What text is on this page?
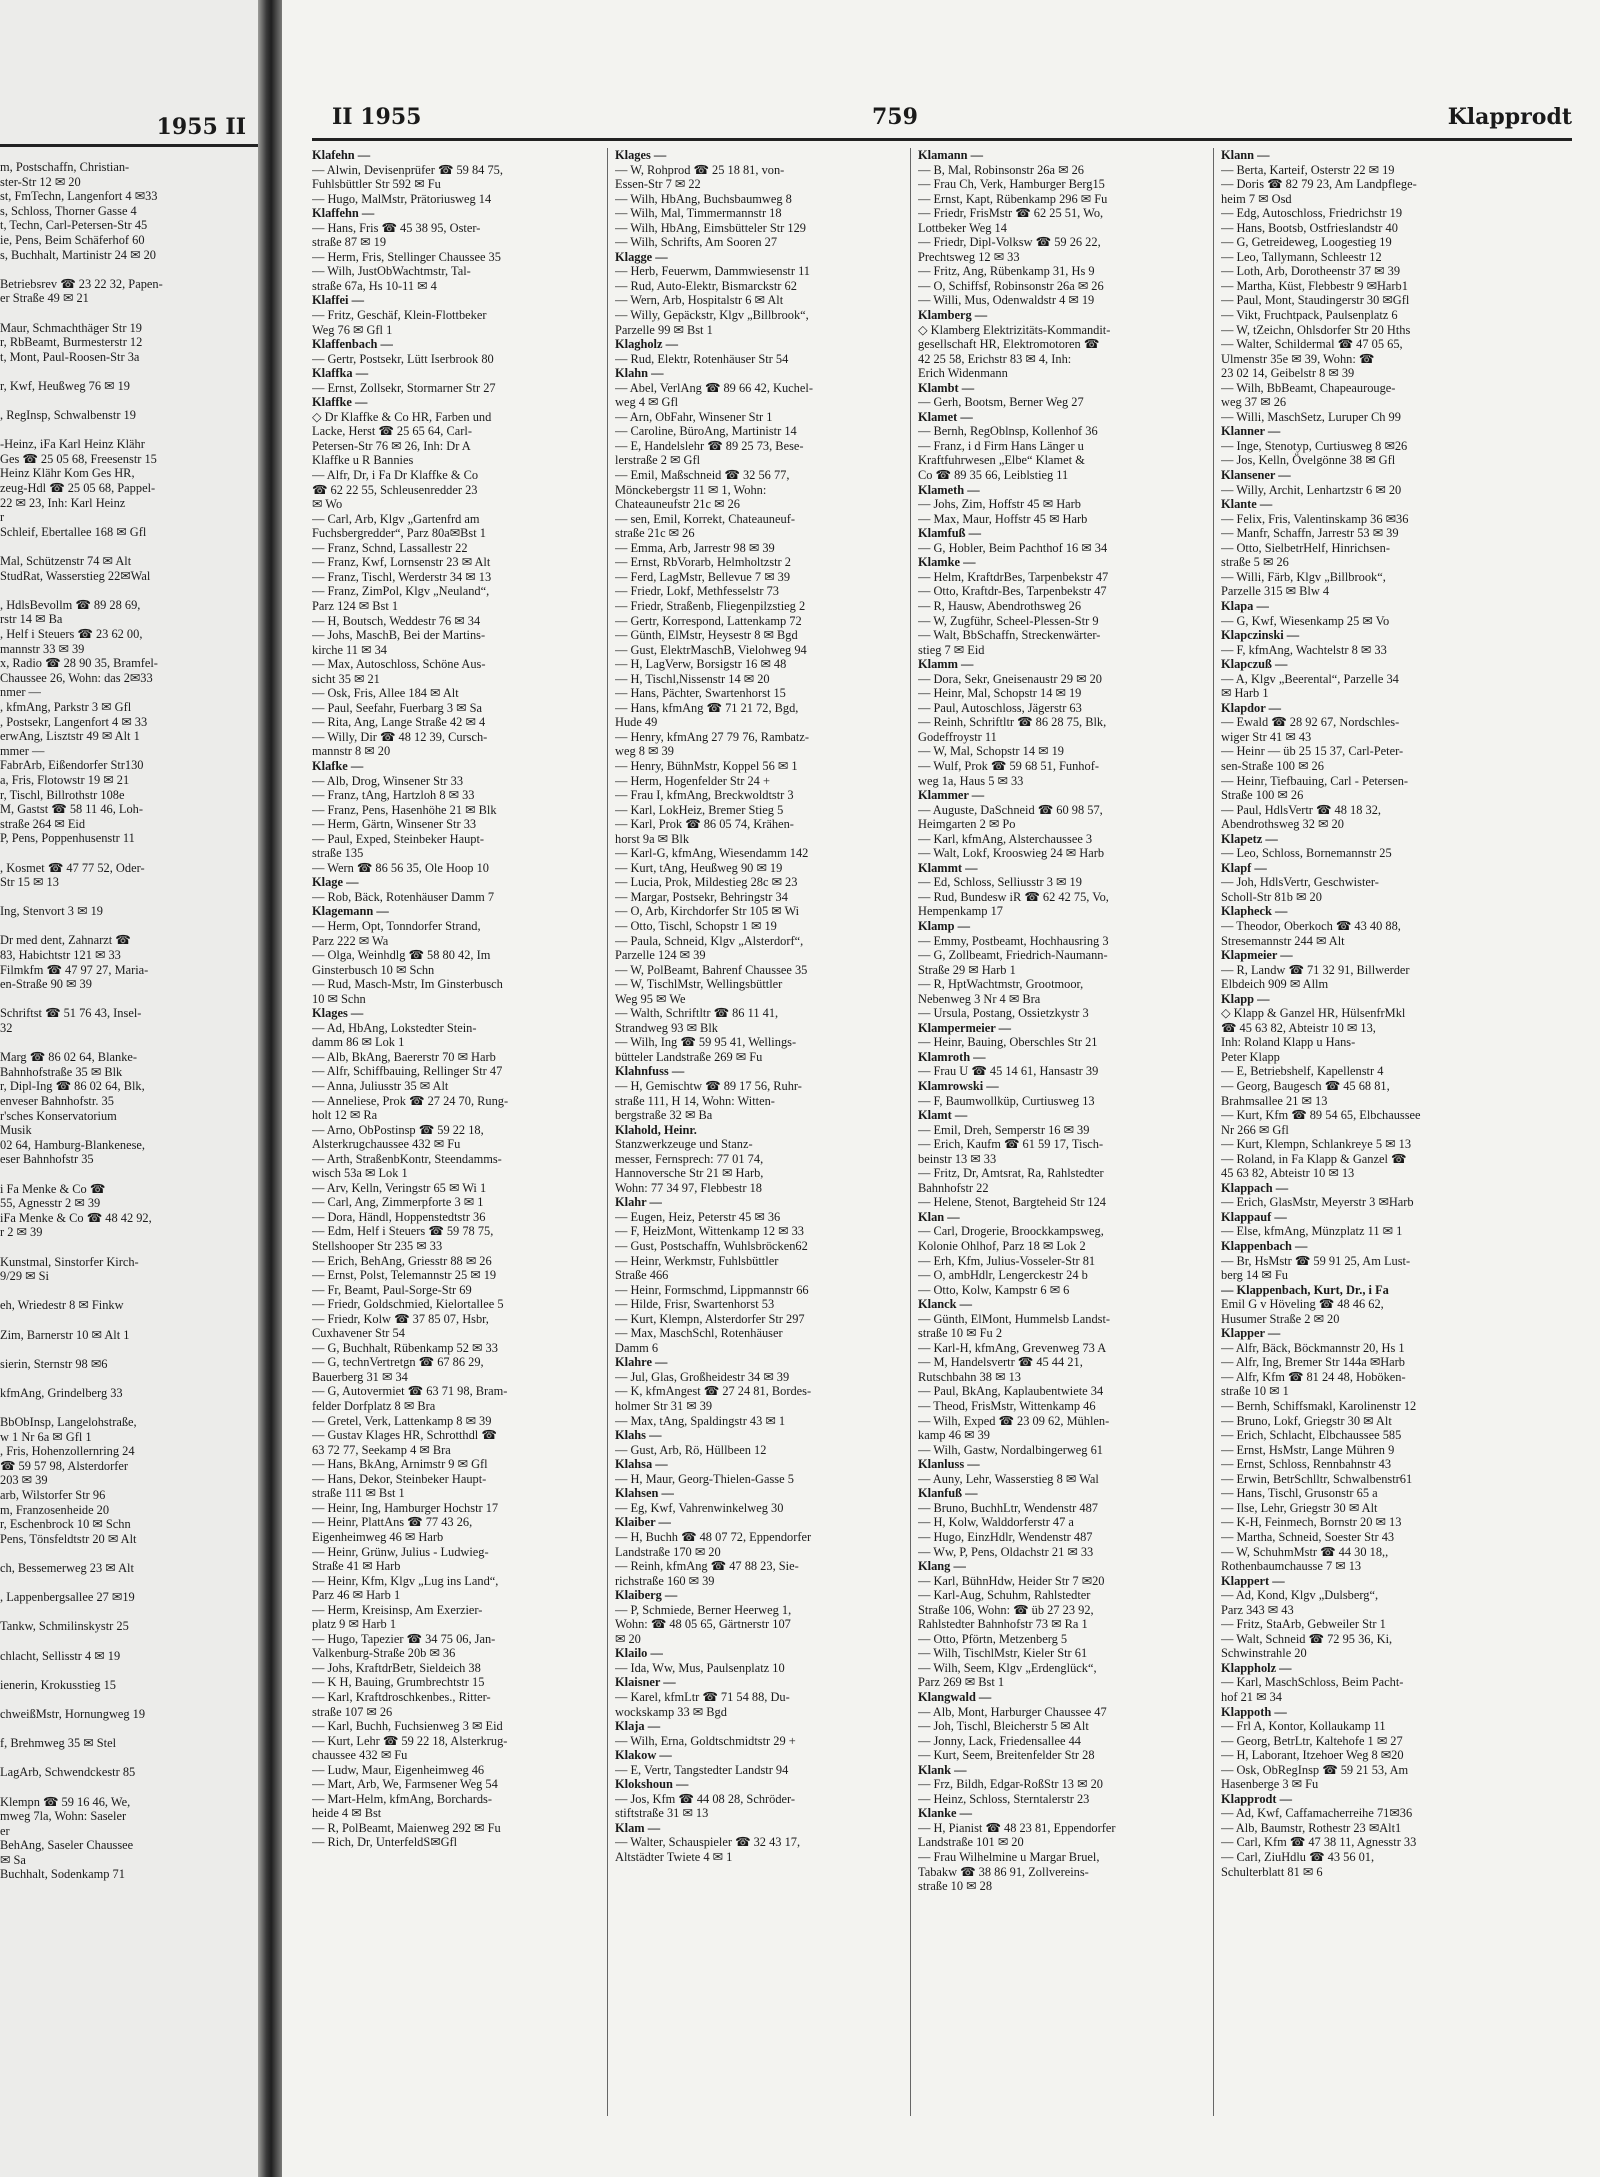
1955 II
m, Postschaffn, Christian-
ster-Str 12 ✉ 20
st, FmTechn, Langenfort 4 ✉33
s, Schloss, Thorner Gasse 4
t, Techn, Carl-Petersen-Str 45
ie, Pens, Beim Schäferhof 60
s, Buchhalt, Martinistr 24 ✉ 20

Betriebsrev ☎ 23 22 32, Papen-
er Straße 49 ✉ 21

Maur, Schmachthäger Str 19
r, RbBeamt, Burmesterstr 12
t, Mont, Paul-Roosen-Str 3a

r, Kwf, Heußweg 76 ✉ 19

, RegInsp, Schwalbenstr 19

-Heinz, iFa Karl Heinz Klähr
Ges ☎ 25 05 68, Freesenstr 15
Heinz Klähr Kom Ges HR,
zeug-Hdl ☎ 25 05 68, Pappel-
22 ✉ 23, Inh: Karl Heinz
r
Schleif, Ebertallee 168 ✉ Gfl

Mal, Schützenstr 74 ✉ Alt
StudRat, Wasserstieg 22✉Wal

, HdlsBevollm ☎ 89 28 69,
rstr 14 ✉ Ba
, Helf i Steuers ☎ 23 62 00,
mannstr 33 ✉ 39
x, Radio ☎ 28 90 35, Bramfel-
Chaussee 26, Wohn: das 2✉33
nmer —
, kfmAng, Parkstr 3 ✉ Gfl
, Postsekr, Langenfort 4 ✉ 33
erwAng, Lisztstr 49 ✉ Alt 1
mmer —
FabrArb, Eißendorfer Str130
a, Fris, Flotowstr 19 ✉ 21
r, Tischl, Billrothstr 108e
M, Gastst ☎ 58 11 46, Loh-
straße 264 ✉ Eid
P, Pens, Poppenhusenstr 11

, Kosmet ☎ 47 77 52, Oder-
Str 15 ✉ 13

Ing, Stenvort 3 ✉ 19

Dr med dent, Zahnarzt ☎
83, Habichtstr 121 ✉ 33
Filmkfm ☎ 47 97 27, Maria-
en-Straße 90 ✉ 39

Schriftst ☎ 51 76 43, Insel-
32

Marg ☎ 86 02 64, Blanke-
Bahnhofstraße 35 ✉ Blk
r, Dipl-Ing ☎ 86 02 64, Blk,
enveser Bahnhofstr. 35
r'sches Konservatorium
Musik
02 64, Hamburg-Blankenese,
eser Bahnhofstr 35

i Fa Menke & Co ☎
55, Agnesstr 2 ✉ 39
iFa Menke & Co ☎ 48 42 92,
r 2 ✉ 39

Kunstmal, Sinstorfer Kirch-
9/29 ✉ Si

eh, Wriedestr 8 ✉ Finkw

Zim, Barnerstr 10 ✉ Alt 1

sierin, Sternstr 98 ✉6

kfmAng, Grindelberg 33

BbObInsp, Langelohstraße,
w 1 Nr 6a ✉ Gfl 1
, Fris, Hohenzollernring 24
☎ 59 57 98, Alsterdorfer
203 ✉ 39
arb, Wilstorfer Str 96
m, Franzosenheide 20
r, Eschenbrock 10 ✉ Schn
Pens, Tönsfeldtstr 20 ✉ Alt

ch, Bessemerweg 23 ✉ Alt

, Lappenbergsallee 27 ✉19

Tankw, Schmilinskystr 25

chlacht, Sellisstr 4 ✉ 19

ienerin, Krokusstieg 15

chweißMstr, Hornungweg 19

f, Brehmweg 35 ✉ Stel

LagArb, Schwendckestr 85

Klempn ☎ 59 16 46, We,
mweg 7la, Wohn: Saseler
er
BehAng, Saseler Chaussee
✉ Sa
Buchhalt, Sodenkamp 71
II 1955	759	Klapprodt
Klafehn —
— Alwin, Devisenprüfer ☎ 59 84 75,
Fuhlsbüttler Str 592 ✉ Fu
— Hugo, MalMstr, Prätoriusweg 14
Klaffehn —
— Hans, Fris ☎ 45 38 95, Oster-
straße 87 ✉ 19
— Herm, Fris, Stellinger Chaussee 35
— Wilh, JustObWachtmstr, Tal-
straße 67a, Hs 10-11 ✉ 4
Klaffei —
— Fritz, Geschäf, Klein-Flottbeker
Weg 76 ✉ Gfl 1
Klaffenbach —
— Gertr, Postsekr, Lütt Iserbrook 80
Klaffka —
— Ernst, Zollsekr, Stormarner Str 27
Klaffke —
◇ Dr Klaffke & Co HR, Farben und
Lacke, Herst ☎ 25 65 64, Carl-
Petersen-Str 76 ✉ 26, Inh: Dr A
Klaffke u R Bannies
— Alfr, Dr, i Fa Dr Klaffke & Co
☎ 62 22 55, Schleusenredder 23
✉ Wo
— Carl, Arb, Klgv „Gartenfrd am
Fuchsbergredder“, Parz 80a✉Bst 1
— Franz, Schnd, Lassallestr 22
— Franz, Kwf, Lornsenstr 23 ✉ Alt
— Franz, Tischl, Werderstr 34 ✉ 13
— Franz, ZimPol, Klgv „Neuland“,
Parz 124 ✉ Bst 1
— H, Boutsch, Weddestr 76 ✉ 34
— Johs, MaschB, Bei der Martins-
kirche 11 ✉ 34
— Max, Autoschloss, Schöne Aus-
sicht 35 ✉ 21
— Osk, Fris, Allee 184 ✉ Alt
— Paul, Seefahr, Fuerbarg 3 ✉ Sa
— Rita, Ang, Lange Straße 42 ✉ 4
— Willy, Dir ☎ 48 12 39, Cursch-
mannstr 8 ✉ 20
Klafke —
— Alb, Drog, Winsener Str 33
— Franz, tAng, Hartzloh 8 ✉ 33
— Franz, Pens, Hasenhöhe 21 ✉ Blk
— Herm, Gärtn, Winsener Str 33
— Paul, Exped, Steinbeker Haupt-
straße 135
— Wern ☎ 86 56 35, Ole Hoop 10
Klage —
— Rob, Bäck, Rotenhäuser Damm 7
Klagemann —
— Herm, Opt, Tonndorfer Strand,
Parz 222 ✉ Wa
— Olga, Weinhdlg ☎ 58 80 42, Im
Ginsterbusch 10 ✉ Schn
— Rud, Masch-Mstr, Im Ginsterbusch
10 ✉ Schn
Klages —
— Ad, HbAng, Lokstedter Stein-
damm 86 ✉ Lok 1
— Alb, BkAng, Baererstr 70 ✉ Harb
— Alfr, Schiffbauing, Rellinger Str 47
— Anna, Juliusstr 35 ✉ Alt
— Anneliese, Prok ☎ 27 24 70, Rung-
holt 12 ✉ Ra
— Arno, ObPostinsp ☎ 59 22 18,
Alsterkrugchaussee 432 ✉ Fu
— Arth, StraßenbKontr, Steendamms-
wisch 53a ✉ Lok 1
— Arv, Kelln, Veringstr 65 ✉ Wi 1
— Carl, Ang, Zimmerpforte 3 ✉ 1
— Dora, Händl, Hoppenstedtstr 36
— Edm, Helf i Steuers ☎ 59 78 75,
Stellshooper Str 235 ✉ 33
— Erich, BehAng, Griesstr 88 ✉ 26
— Ernst, Polst, Telemannstr 25 ✉ 19
— Fr, Beamt, Paul-Sorge-Str 69
— Friedr, Goldschmied, Kielortallee 5
— Friedr, Kolw ☎ 37 85 07, Hsbr,
Cuxhavener Str 54
— G, Buchhalt, Rübenkamp 52 ✉ 33
— G, technVertretgn ☎ 67 86 29,
Bauerberg 31 ✉ 34
— G, Autovermiet ☎ 63 71 98, Bram-
felder Dorfplatz 8 ✉ Bra
— Gretel, Verk, Lattenkamp 8 ✉ 39
— Gustav Klages HR, Schrotthdl ☎
63 72 77, Seekamp 4 ✉ Bra
— Hans, BkAng, Arnimstr 9 ✉ Gfl
— Hans, Dekor, Steinbeker Haupt-
straße 111 ✉ Bst 1
— Heinr, Ing, Hamburger Hochstr 17
— Heinr, PlattAns ☎ 77 43 26,
Eigenheimweg 46 ✉ Harb
— Heinr, Grünw, Julius - Ludwieg-
Straße 41 ✉ Harb
— Heinr, Kfm, Klgv „Lug ins Land“,
Parz 46 ✉ Harb 1
— Herm, Kreisinsp, Am Exerzier-
platz 9 ✉ Harb 1
— Hugo, Tapezier ☎ 34 75 06, Jan-
Valkenburg-Straße 20b ✉ 36
— Johs, KraftdrBetr, Sieldeich 38
— K H, Bauing, Grumbrechtstr 15
— Karl, Kraftdroschkenbes., Ritter-
straße 107 ✉ 26
— Karl, Buchh, Fuchsienweg 3 ✉ Eid
— Kurt, Lehr ☎ 59 22 18, Alsterkrug-
chaussee 432 ✉ Fu
— Ludw, Maur, Eigenheimweg 46
— Mart, Arb, We, Farmsener Weg 54
— Mart-Helm, kfmAng, Borchards-
heide 4 ✉ Bst
— R, PolBeamt, Maienweg 292 ✉ Fu
— Rich, Dr, UnterfeldS✉Gfl
Klages —
— W, Rohprod ☎ 25 18 81, von-
Essen-Str 7 ✉ 22
— Wilh, HbAng, Buchsbaumweg 8
— Wilh, Mal, Timmermannstr 18
— Wilh, HbAng, Eimsbütteler Str 129
— Wilh, Schrifts, Am Sooren 27
Klagge —
— Herb, Feuerwm, Dammwiesenstr 11
— Rud, Auto-Elektr, Bismarckstr 62
— Wern, Arb, Hospitalstr 6 ✉ Alt
— Willy, Gepäckstr, Klgv „Billbrook“,
Parzelle 99 ✉ Bst 1
Klagholz —
— Rud, Elektr, Rotenhäuser Str 54
Klahn —
— Abel, VerlAng ☎ 89 66 42, Kuchel-
weg 4 ✉ Gfl
— Arn, ObFahr, Winsener Str 1
— Caroline, BüroAng, Martinistr 14
— E, Handelslehr ☎ 89 25 73, Bese-
lerstraße 2 ✉ Gfl
— Emil, Maßschneid ☎ 32 56 77,
Mönckebergstr 11 ✉ 1, Wohn:
Chateauneufstr 21c ✉ 26
— sen, Emil, Korrekt, Chateauneuf-
straße 21c ✉ 26
— Emma, Arb, Jarrestr 98 ✉ 39
— Ernst, RbVorarb, Helmholtzstr 2
— Ferd, LagMstr, Bellevue 7 ✉ 39
— Friedr, Lokf, Methfesselstr 73
— Friedr, Straßenb, Fliegenpilzstieg 2
— Gertr, Korrespond, Lattenkamp 72
— Günth, ElMstr, Heysestr 8 ✉ Bgd
— Gust, ElektrMaschB, Vielohweg 94
— H, LagVerw, Borsigstr 16 ✉ 48
— H, Tischl,Nissenstr 14 ✉ 20
— Hans, Pächter, Swartenhorst 15
— Hans, kfmAng ☎ 71 21 72, Bgd,
Hude 49
— Henry, kfmAng 27 79 76, Rambatz-
weg 8 ✉ 39
— Henry, BühnMstr, Koppel 56 ✉ 1
— Herm, Hogenfelder Str 24 +
— Frau I, kfmAng, Breckwoldtstr 3
— Karl, LokHeiz, Bremer Stieg 5
— Karl, Prok ☎ 86 05 74, Krähen-
horst 9a ✉ Blk
— Karl-G, kfmAng, Wiesendamm 142
— Kurt, tAng, Heußweg 90 ✉ 19
— Lucia, Prok, Mildestieg 28c ✉ 23
— Margar, Postsekr, Behringstr 34
— O, Arb, Kirchdorfer Str 105 ✉ Wi
— Otto, Tischl, Schopstr 1 ✉ 19
— Paula, Schneid, Klgv „Alsterdorf“,
Parzelle 124 ✉ 39
— W, PolBeamt, Bahrenf Chaussee 35
— W, TischlMstr, Wellingsbüttler
Weg 95 ✉ We
— Walth, Schriftltr ☎ 86 11 41,
Strandweg 93 ✉ Blk
— Wilh, Ing ☎ 59 95 41, Wellings-
bütteler Landstraße 269 ✉ Fu
Klahnfuss —
— H, Gemischtw ☎ 89 17 56, Ruhr-
straße 111, H 14, Wohn: Witten-
bergstraße 32 ✉ Ba
Klahold, Heinr.
Stanzwerkzeuge und Stanz-
messer, Fernsprech: 77 01 74,
Hannoversche Str 21 ✉ Harb,
Wohn: 77 34 97, Flebbestr 18
Klahr —
— Eugen, Heiz, Peterstr 45 ✉ 36
— F, HeizMont, Wittenkamp 12 ✉ 33
— Gust, Postschaffn, Wuhlsbröcken62
— Heinr, Werkmstr, Fuhlsbüttler
Straße 466
— Heinr, Formschmd, Lippmannstr 66
— Hilde, Frisr, Swartenhorst 53
— Kurt, Klempn, Alsterdorfer Str 297
— Max, MaschSchl, Rotenhäuser
Damm 6
Klahre —
— Jul, Glas, Großheidestr 34 ✉ 39
— K, kfmAngest ☎ 27 24 81, Bordes-
holmer Str 31 ✉ 39
— Max, tAng, Spaldingstr 43 ✉ 1
Klahs —
— Gust, Arb, Rö, Hüllbeen 12
Klahsa —
— H, Maur, Georg-Thielen-Gasse 5
Klahsen —
— Eg, Kwf, Vahrenwinkelweg 30
Klaiber —
— H, Buchh ☎ 48 07 72, Eppendorfer
Landstraße 170 ✉ 20
— Reinh, kfmAng ☎ 47 88 23, Sie-
richstraße 160 ✉ 39
Klaiberg —
— P, Schmiede, Berner Heerweg 1,
Wohn: ☎ 48 05 65, Gärtnerstr 107
✉ 20
Klailo —
— Ida, Ww, Mus, Paulsenplatz 10
Klaisner —
— Karel, kfmLtr ☎ 71 54 88, Du-
wockskamp 33 ✉ Bgd
Klaja —
— Wilh, Erna, Goldtschmidtstr 29 +
Klakow —
— E, Vertr, Tangstedter Landstr 94
Klokshoun —
— Jos, Kfm ☎ 44 08 28, Schröder-
stiftstraße 31 ✉ 13
Klam —
— Walter, Schauspieler ☎ 32 43 17,
Altstädter Twiete 4 ✉ 1
Klamann —
— B, Mal, Robinsonstr 26a ✉ 26
— Frau Ch, Verk, Hamburger Berg15
— Ernst, Kapt, Rübenkamp 296 ✉ Fu
— Friedr, FrisMstr ☎ 62 25 51, Wo,
Lottbeker Weg 14
— Friedr, Dipl-Volksw ☎ 59 26 22,
Prechtsweg 12 ✉ 33
— Fritz, Ang, Rübenkamp 31, Hs 9
— O, Schiffsf, Robinsonstr 26a ✉ 26
— Willi, Mus, Odenwaldstr 4 ✉ 19
Klamberg —
◇ Klamberg Elektrizitäts-Kommandit-
gesellschaft HR, Elektromotoren ☎
42 25 58, Erichstr 83 ✉ 4, Inh:
Erich Widenmann
Klambt —
— Gerh, Bootsm, Berner Weg 27
Klamet —
— Bernh, RegOblnsp, Kollenhof 36
— Franz, i d Firm Hans Länger u
Kraftfuhrwesen „Elbe“ Klamet &
Co ☎ 89 35 66, Leiblstieg 11
Klameth —
— Johs, Zim, Hoffstr 45 ✉ Harb
— Max, Maur, Hoffstr 45 ✉ Harb
Klamfuß —
— G, Hobler, Beim Pachthof 16 ✉ 34
Klamke —
— Helm, KraftdrBes, Tarpenbekstr 47
— Otto, Kraftdr-Bes, Tarpenbekstr 47
— R, Hausw, Abendrothsweg 26
— W, Zugführ, Scheel-Plessen-Str 9
— Walt, BbSchaffn, Streckenwärter-
stieg 7 ✉ Eid
Klamm —
— Dora, Sekr, Gneisenaustr 29 ✉ 20
— Heinr, Mal, Schopstr 14 ✉ 19
— Paul, Autoschloss, Jägerstr 63
— Reinh, Schriftltr ☎ 86 28 75, Blk,
Godeffroystr 11
— W, Mal, Schopstr 14 ✉ 19
— Wulf, Prok ☎ 59 68 51, Funhof-
weg 1a, Haus 5 ✉ 33
Klammer —
— Auguste, DaSchneid ☎ 60 98 57,
Heimgarten 2 ✉ Po
— Karl, kfmAng, Alsterchaussee 3
— Walt, Lokf, Krooswieg 24 ✉ Harb
Klammt —
— Ed, Schloss, Selliusstr 3 ✉ 19
— Rud, Bundesw iR ☎ 62 42 75, Vo,
Hempenkamp 17
Klamp —
— Emmy, Postbeamt, Hochhausring 3
— G, Zollbeamt, Friedrich-Naumann-
Straße 29 ✉ Harb 1
— R, HptWachtmstr, Grootmoor,
Nebenweg 3 Nr 4 ✉ Bra
— Ursula, Postang, Ossietzkystr 3
Klampermeier —
— Heinr, Bauing, Oberschles Str 21
Klamroth —
— Frau U ☎ 45 14 61, Hansastr 39
Klamrowski —
— F, Baumwollküp, Curtiusweg 13
Klamt —
— Emil, Dreh, Semperstr 16 ✉ 39
— Erich, Kaufm ☎ 61 59 17, Tisch-
beinstr 13 ✉ 33
— Fritz, Dr, Amtsrat, Ra, Rahlstedter
Bahnhofstr 22
— Helene, Stenot, Bargteheid Str 124
Klan —
— Carl, Drogerie, Broockkampsweg,
Kolonie Ohlhof, Parz 18 ✉ Lok 2
— Erh, Kfm, Julius-Vosseler-Str 81
— O, ambHdlr, Lengerckestr 24 b
— Otto, Kolw, Kampstr 6 ✉ 6
Klanck —
— Günth, ElMont, Hummelsb Landst-
straße 10 ✉ Fu 2
— Karl-H, kfmAng, Grevenweg 73 A
— M, Handelsvertr ☎ 45 44 21,
Rutschbahn 38 ✉ 13
— Paul, BkAng, Kaplaubentwiete 34
— Theod, FrisMstr, Wittenkamp 46
— Wilh, Exped ☎ 23 09 62, Mühlen-
kamp 46 ✉ 39
— Wilh, Gastw, Nordalbingerweg 61
Klanluss —
— Auny, Lehr, Wasserstieg 8 ✉ Wal
Klanfuß —
— Bruno, BuchhLtr, Wendenstr 487
— H, Kolw, Walddorferstr 47 a
— Hugo, EinzHdlr, Wendenstr 487
— Ww, P, Pens, Oldachstr 21 ✉ 33
Klang —
— Karl, BühnHdw, Heider Str 7 ✉20
— Karl-Aug, Schuhm, Rahlstedter
Straße 106, Wohn: ☎ üb 27 23 92,
Rahlstedter Bahnhofstr 73 ✉ Ra 1
— Otto, Pförtn, Metzenberg 5
— Wilh, TischlMstr, Kieler Str 61
— Wilh, Seem, Klgv „Erdenglück“,
Parz 269 ✉ Bst 1
Klangwald —
— Alb, Mont, Harburger Chaussee 47
— Joh, Tischl, Bleicherstr 5 ✉ Alt
— Jonny, Lack, Friedensallee 44
— Kurt, Seem, Breitenfelder Str 28
Klank —
— Frz, Bildh, Edgar-RoßStr 13 ✉ 20
— Heinz, Schloss, Sterntalerstr 23
Klanke —
— H, Pianist ☎ 48 23 81, Eppendorfer
Landstraße 101 ✉ 20
— Frau Wilhelmine u Margar Bruel,
Tabakw ☎ 38 86 91, Zollvereins-
straße 10 ✉ 28
Klann —
— Berta, Karteif, Osterstr 22 ✉ 19
— Doris ☎ 82 79 23, Am Landpflege-
heim 7 ✉ Osd
— Edg, Autoschloss, Friedrichstr 19
— Hans, Bootsb, Ostfrieslandstr 40
— G, Getreideweg, Loogestieg 19
— Leo, Tallymann, Schleestr 12
— Loth, Arb, Dorotheenstr 37 ✉ 39
— Martha, Küst, Flebbestr 9 ✉Harb1
— Paul, Mont, Staudingerstr 30 ✉Gfl
— Vikt, Fruchtpack, Paulsenplatz 6
— W, tZeichn, Ohlsdorfer Str 20 Hths
— Walter, Schildermal ☎ 47 05 65,
Ulmenstr 35e ✉ 39, Wohn: ☎
23 02 14, Geibelstr 8 ✉ 39
— Wilh, BbBeamt, Chapeaurouge-
weg 37 ✉ 26
— Willi, MaschSetz, Luruper Ch 99
Klanner —
— Inge, Stenotyp, Curtiusweg 8 ✉26
— Jos, Kelln, Övelgönne 38 ✉ Gfl
Klansener —
— Willy, Archit, Lenhartzstr 6 ✉ 20
Klante —
— Felix, Fris, Valentinskamp 36 ✉36
— Manfr, Schaffn, Jarrestr 53 ✉ 39
— Otto, SielbetrHelf, Hinrichsen-
straße 5 ✉ 26
— Willi, Färb, Klgv „Billbrook“,
Parzelle 315 ✉ Blw 4
Klapa —
— G, Kwf, Wiesenkamp 25 ✉ Vo
Klapczinski —
— F, kfmAng, Wachtelstr 8 ✉ 33
Klapczuß —
— A, Klgv „Beerental“, Parzelle 34
✉ Harb 1
Klapdor —
— Ewald ☎ 28 92 67, Nordschles-
wiger Str 41 ✉ 43
— Heinr — üb 25 15 37, Carl-Peter-
sen-Straße 100 ✉ 26
— Heinr, Tiefbauing, Carl - Petersen-
Straße 100 ✉ 26
— Paul, HdlsVertr ☎ 48 18 32,
Abendrothsweg 32 ✉ 20
Klapetz —
— Leo, Schloss, Bornemannstr 25
Klapf —
— Joh, HdlsVertr, Geschwister-
Scholl-Str 81b ✉ 20
Klapheck —
— Theodor, Oberkoch ☎ 43 40 88,
Stresemannstr 244 ✉ Alt
Klapmeier —
— R, Landw ☎ 71 32 91, Billwerder
Elbdeich 909 ✉ Allm
Klapp —
◇ Klapp & Ganzel HR, HülsenfrMkl
☎ 45 63 82, Abteistr 10 ✉ 13,
Inh: Roland Klapp u Hans-
Peter Klapp
— E, Betriebshelf, Kapellenstr 4
— Georg, Baugesch ☎ 45 68 81,
Brahmsallee 21 ✉ 13
— Kurt, Kfm ☎ 89 54 65, Elbchaussee
Nr 266 ✉ Gfl
— Kurt, Klempn, Schlankreye 5 ✉ 13
— Roland, in Fa Klapp & Ganzel ☎
45 63 82, Abteistr 10 ✉ 13
Klappach —
— Erich, GlasMstr, Meyerstr 3 ✉Harb
Klappauf —
— Else, kfmAng, Münzplatz 11 ✉ 1
Klappenbach —
— Br, HsMstr ☎ 59 91 25, Am Lust-
berg 14 ✉ Fu
— Klappenbach, Kurt, Dr., i Fa
Emil G v Höveling ☎ 48 46 62,
Husumer Straße 2 ✉ 20
Klapper —
— Alfr, Bäck, Böckmannstr 20, Hs 1
— Alfr, Ing, Bremer Str 144a ✉Harb
— Alfr, Kfm ☎ 81 24 48, Hoböken-
straße 10 ✉ 1
— Bernh, Schiffsmakl, Karolinenstr 12
— Bruno, Lokf, Griegstr 30 ✉ Alt
— Erich, Schlacht, Elbchaussee 585
— Ernst, HsMstr, Lange Mühren 9
— Ernst, Schloss, Rennbahnstr 43
— Erwin, BetrSchlltr, Schwalbenstr61
— Hans, Tischl, Grusonstr 65 a
— Ilse, Lehr, Griegstr 30 ✉ Alt
— K-H, Feinmech, Bornstr 20 ✉ 13
— Martha, Schneid, Soester Str 43
— W, SchuhmMstr ☎ 44 30 18,,
Rothenbaumchausse 7 ✉ 13
Klappert —
— Ad, Kond, Klgv „Dulsberg“,
Parz 343 ✉ 43
— Fritz, StaArb, Gebweiler Str 1
— Walt, Schneid ☎ 72 95 36, Ki,
Schwinstrahle 20
Klappholz —
— Karl, MaschSchloss, Beim Pacht-
hof 21 ✉ 34
Klappoth —
— Frl A, Kontor, Kollaukamp 11
— Georg, BetrLtr, Kaltehofe 1 ✉ 27
— H, Laborant, Itzehoer Weg 8 ✉20
— Osk, ObRegInsp ☎ 59 21 53, Am
Hasenberge 3 ✉ Fu
Klapprodt —
— Ad, Kwf, Caffamacherreihe 71✉36
— Alb, Baumstr, Rothestr 23 ✉Alt1
— Carl, Kfm ☎ 47 38 11, Agnesstr 33
— Carl, ZiuHdlu ☎ 43 56 01,
Schulterblatt 81 ✉ 6
